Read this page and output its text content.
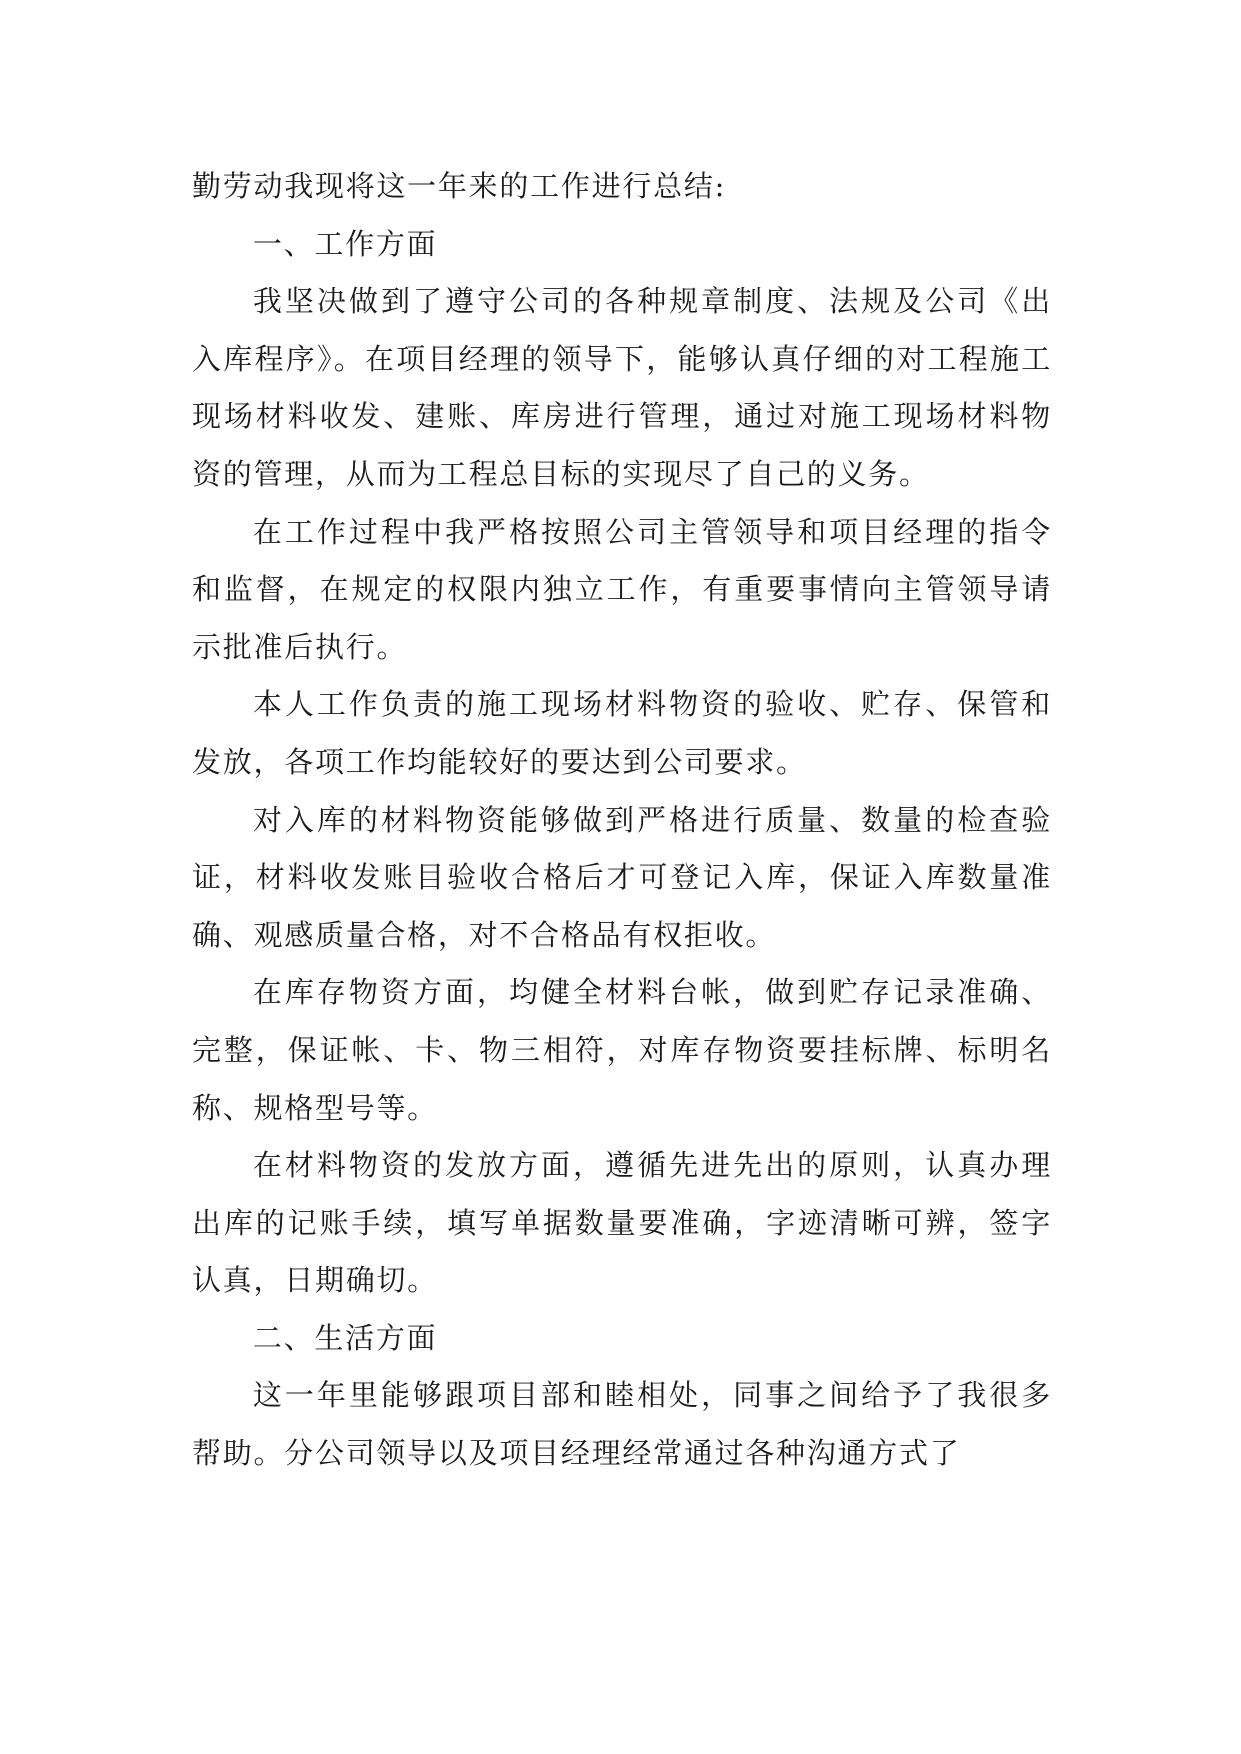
勤劳动我现将这一年来的工作进行总结:

一、工作方面

我坚决做到了遵守公司的各种规章制度、法规及公司《出入库程序》。在项目经理的领导下，能够认真仔细的对工程施工现场材料收发、建账、库房进行管理，通过对施工现场材料物资的管理，从而为工程总目标的实现尽了自己的义务。

在工作过程中我严格按照公司主管领导和项目经理的指令和监督，在规定的权限内独立工作，有重要事情向主管领导请示批准后执行。

本人工作负责的施工现场材料物资的验收、贮存、保管和发放，各项工作均能较好的要达到公司要求。

对入库的材料物资能够做到严格进行质量、数量的检查验证，材料收发账目验收合格后才可登记入库，保证入库数量准确、观感质量合格，对不合格品有权拒收。

在库存物资方面，均健全材料台帐，做到贮存记录准确、完整，保证帐、卡、物三相符，对库存物资要挂标牌、标明名称、规格型号等。

在材料物资的发放方面，遵循先进先出的原则，认真办理出库的记账手续，填写单据数量要准确，字迹清晰可辨，签字认真，日期确切。

二、生活方面

这一年里能够跟项目部和睦相处，同事之间给予了我很多帮助。分公司领导以及项目经理经常通过各种沟通方式了
